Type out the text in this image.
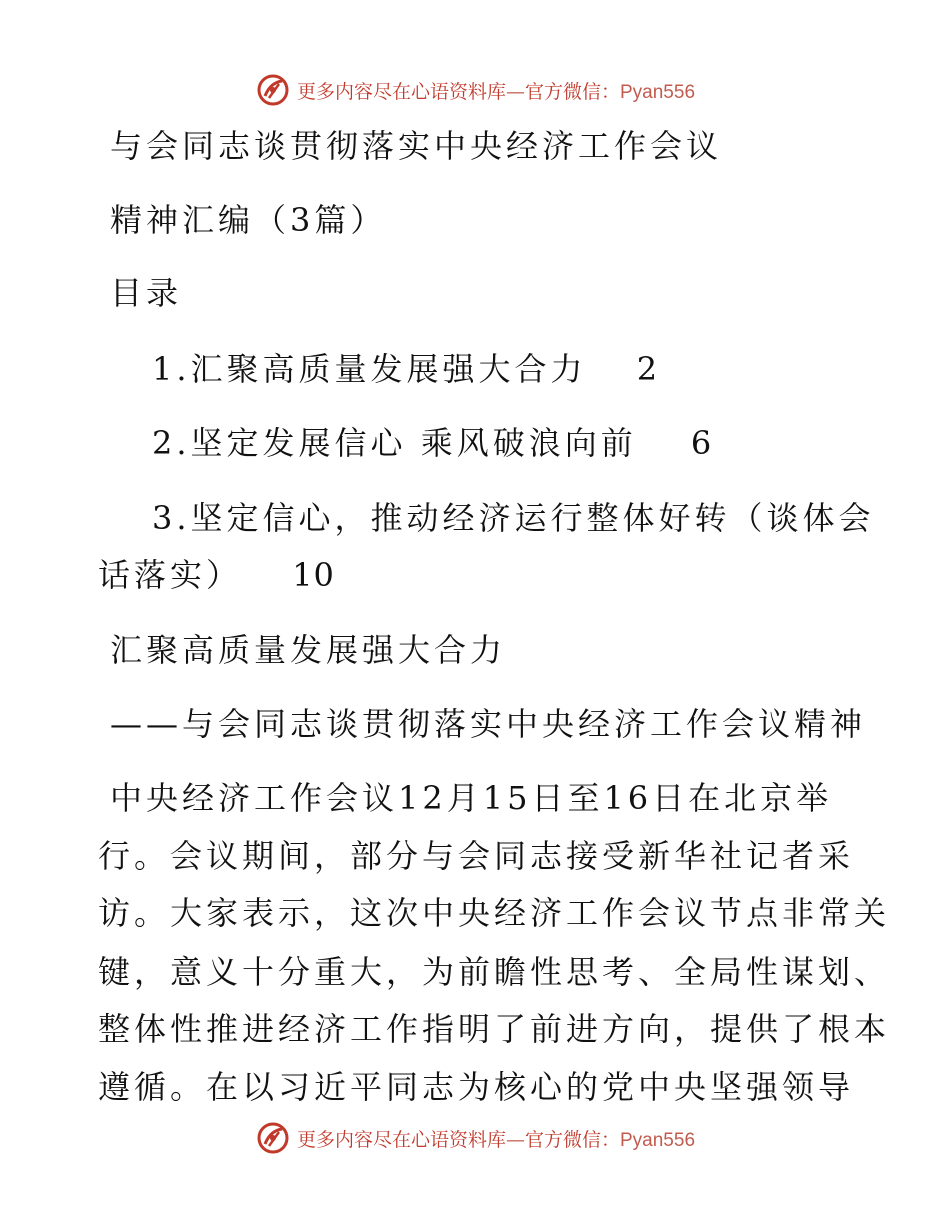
更多内容尽在心语资料库—官方微信：Pyan556
与会同志谈贯彻落实中央经济工作会议
精神汇编（3篇）
目录
1.汇聚高质量发展强大合力 2
2.坚定发展信心 乘风破浪向前 6
3.坚定信心，推动经济运行整体好转（谈体会
话落实） 10
汇聚高质量发展强大合力
——与会同志谈贯彻落实中央经济工作会议精神
中央经济工作会议12月15日至16日在北京举
行。会议期间，部分与会同志接受新华社记者采
访。大家表示，这次中央经济工作会议节点非常关
键，意义十分重大，为前瞻性思考、全局性谋划、
整体性推进经济工作指明了前进方向，提供了根本
遵循。在以习近平同志为核心的党中央坚强领导
更多内容尽在心语资料库—官方微信：Pyan556
